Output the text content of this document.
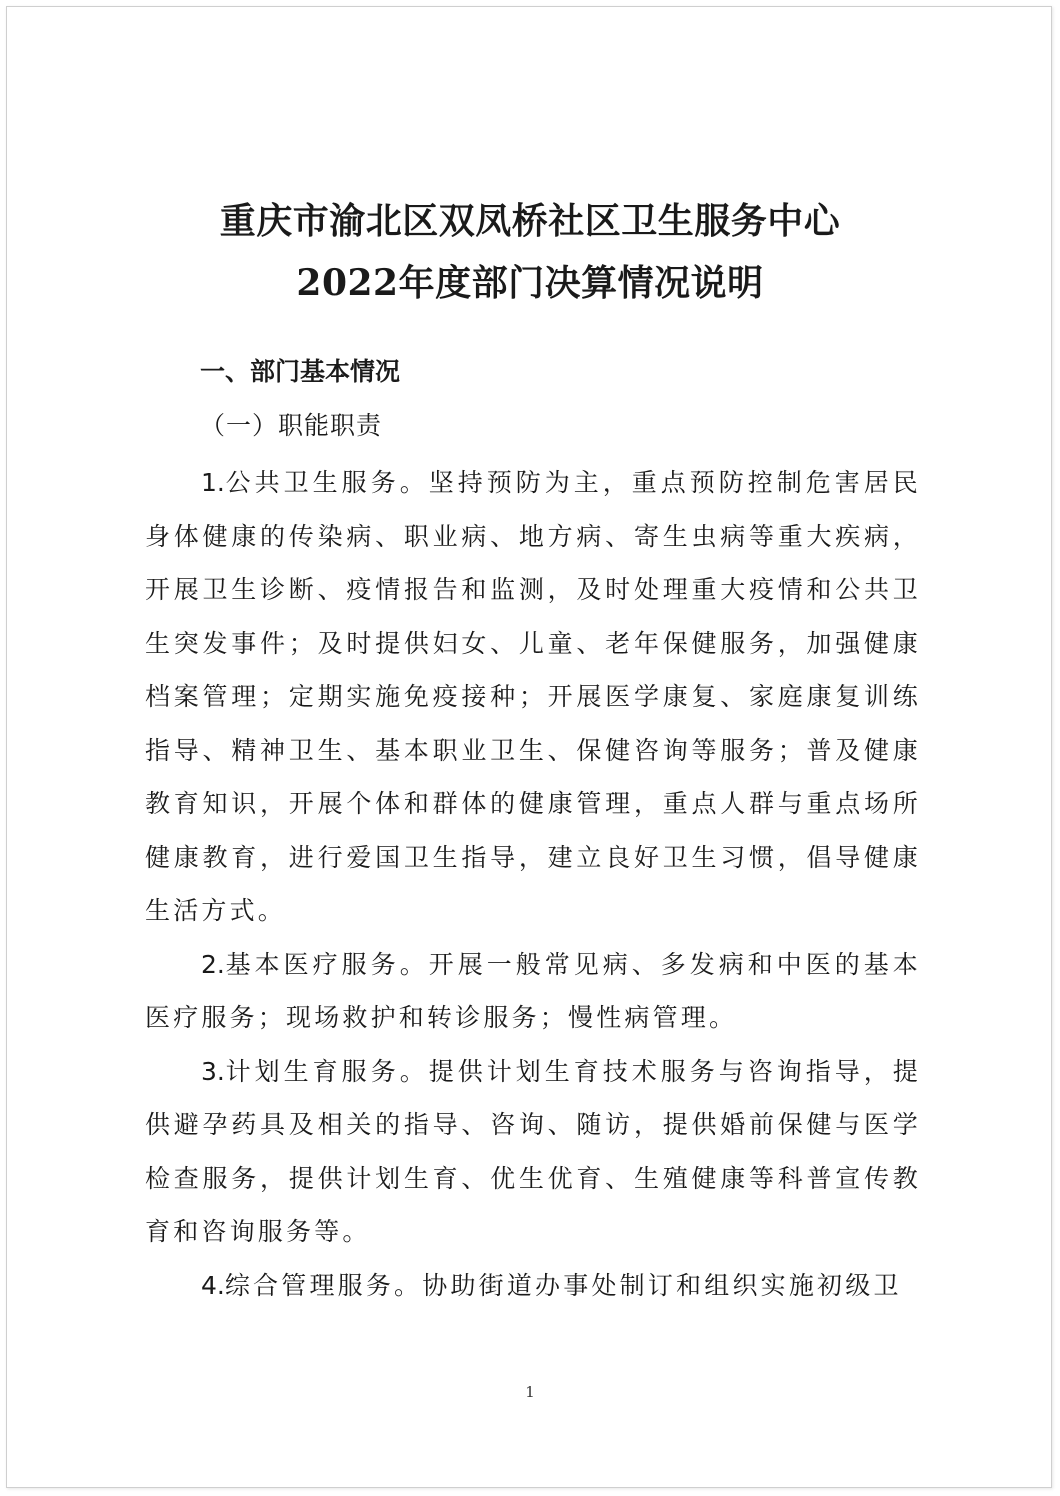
重庆市渝北区双凤桥社区卫生服务中心
2022年度部门决算情况说明
一、部门基本情况
（一）职能职责

1.公共卫生服务。坚持预防为主，重点预防控制危害居民身体健康的传染病、职业病、地方病、寄生虫病等重大疾病，开展卫生诊断、疫情报告和监测，及时处理重大疫情和公共卫生突发事件；及时提供妇女、儿童、老年保健服务，加强健康档案管理；定期实施免疫接种；开展医学康复、家庭康复训练指导、精神卫生、基本职业卫生、保健咨询等服务；普及健康教育知识，开展个体和群体的健康管理，重点人群与重点场所健康教育，进行爱国卫生指导，建立良好卫生习惯，倡导健康生活方式。

2.基本医疗服务。开展一般常见病、多发病和中医的基本医疗服务；现场救护和转诊服务；慢性病管理。

3.计划生育服务。提供计划生育技术服务与咨询指导，提供避孕药具及相关的指导、咨询、随访，提供婚前保健与医学检查服务，提供计划生育、优生优育、生殖健康等科普宣传教育和咨询服务等。

4.综合管理服务。协助街道办事处制订和组织实施初级卫

1
